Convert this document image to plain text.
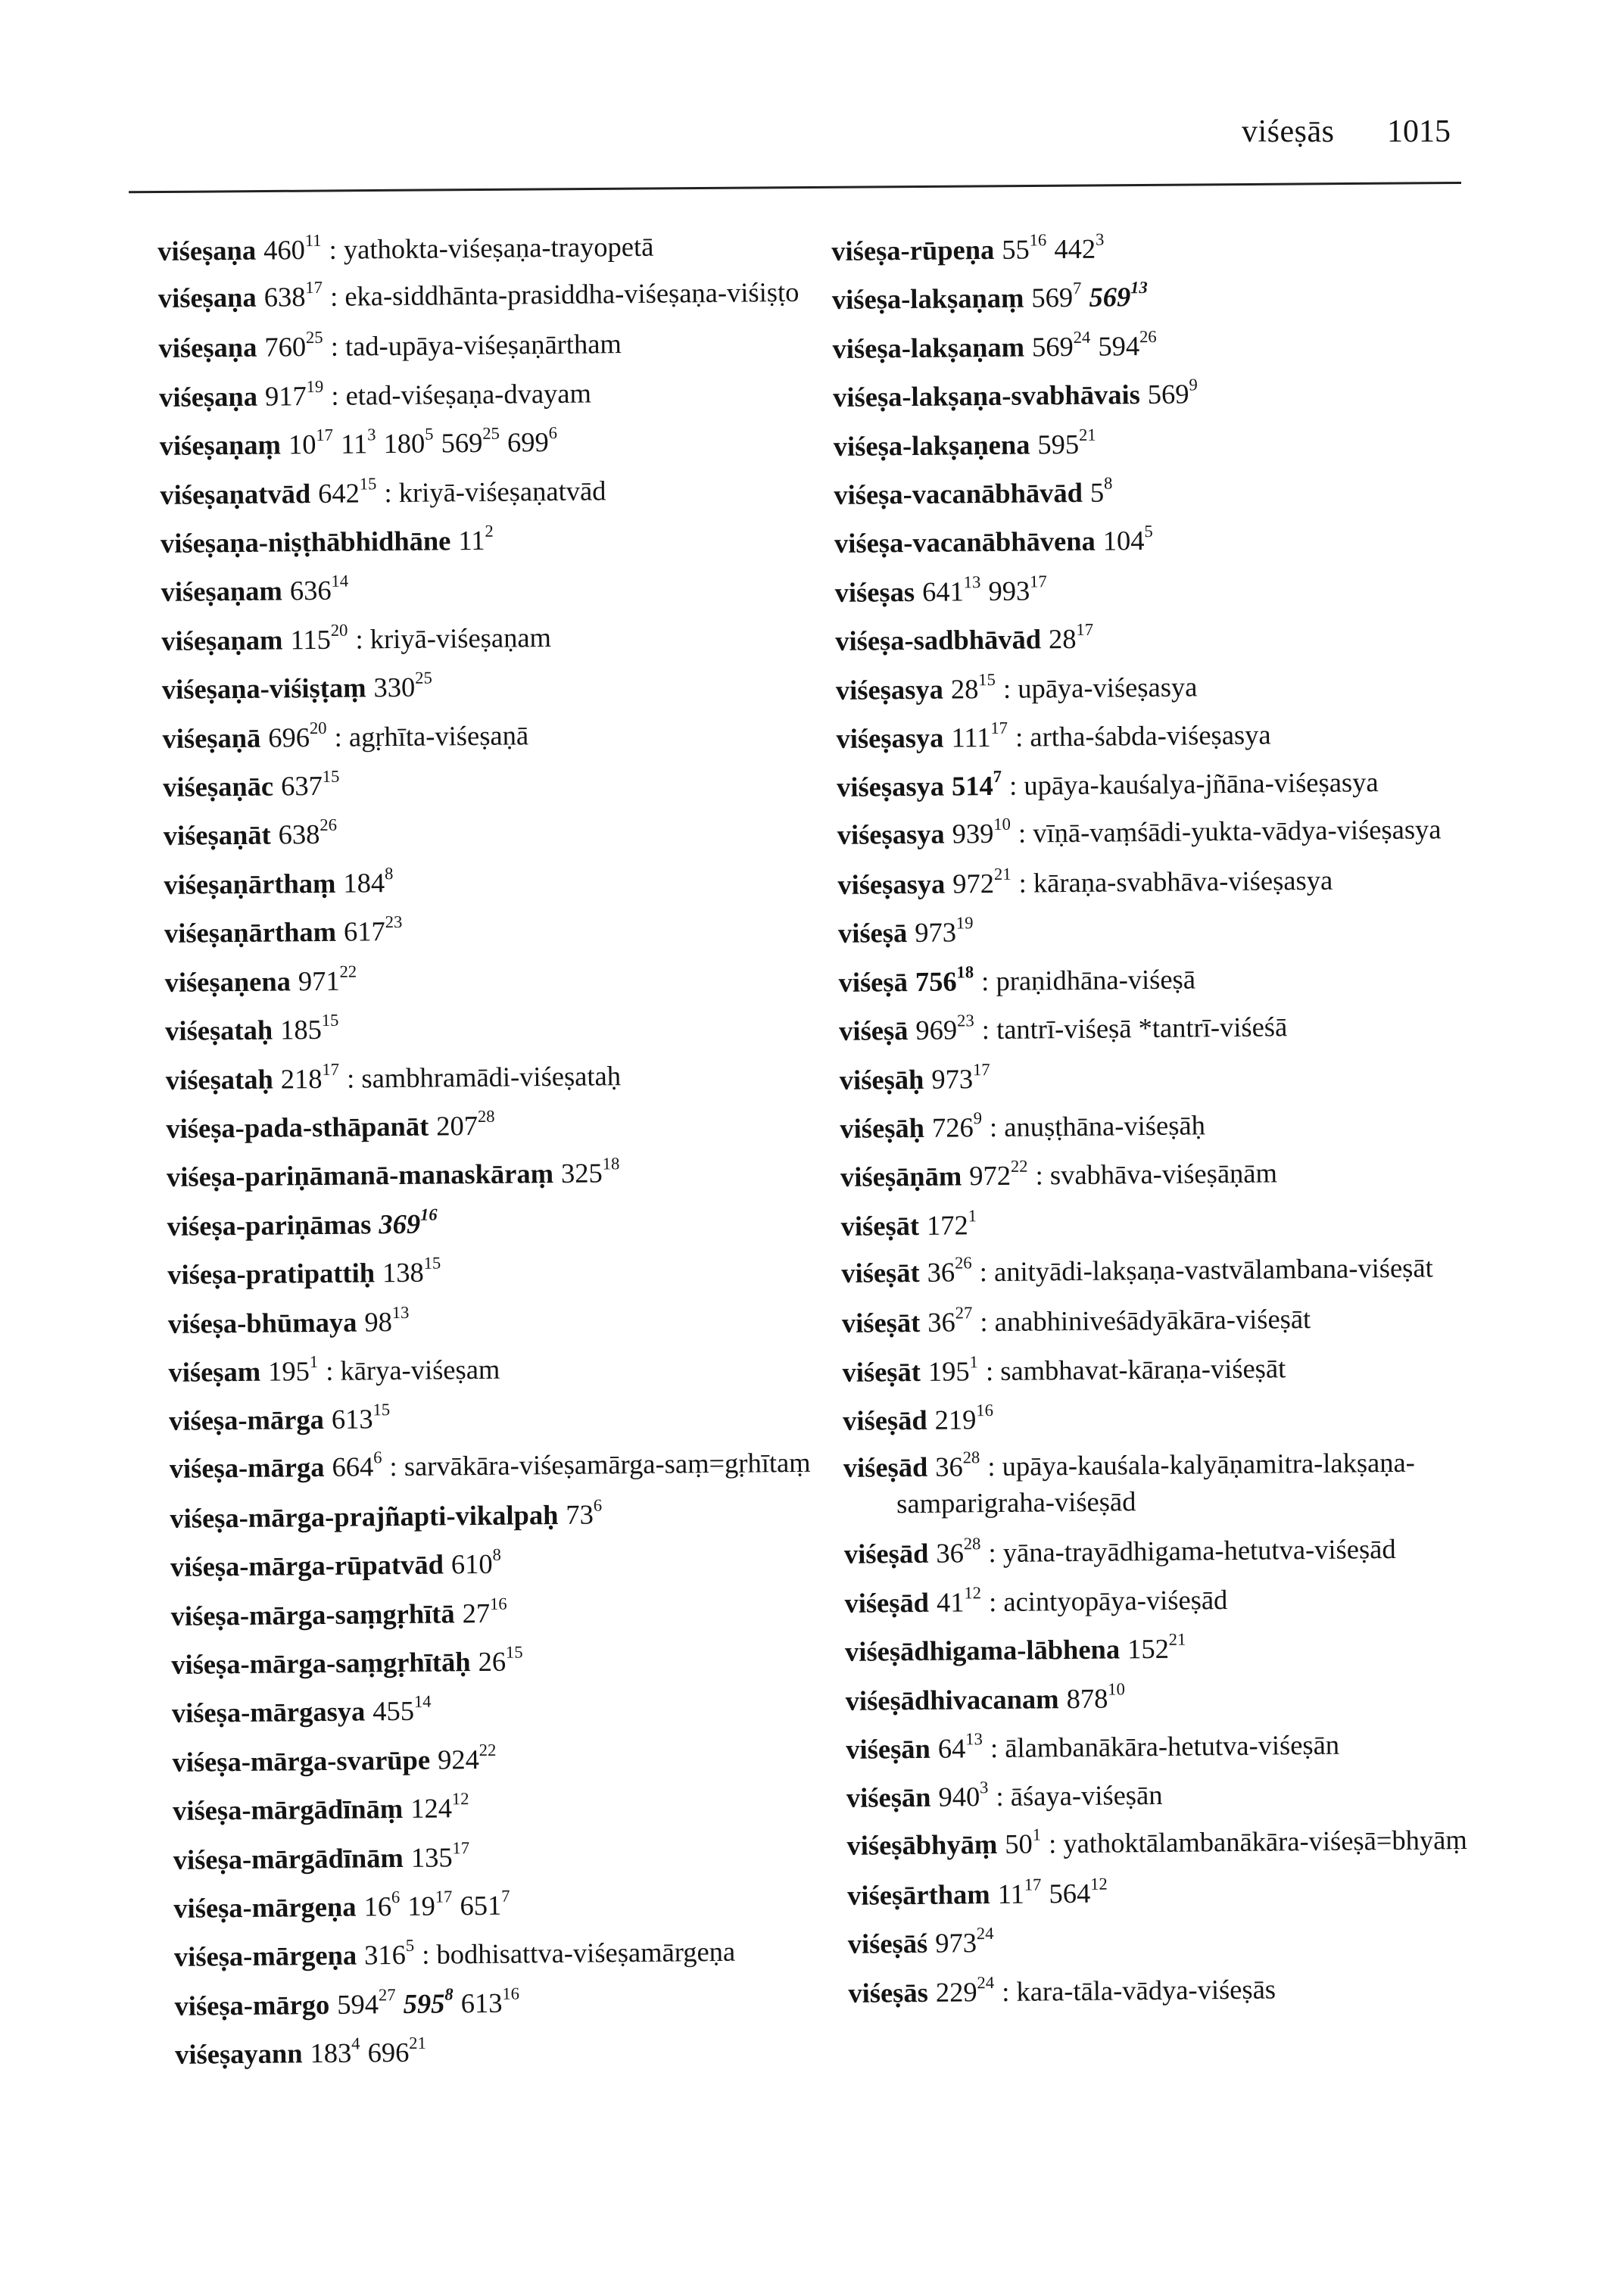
viśeṣās 1015
viśeṣaṇa $460^{11}$ : yathokta-viśeṣaṇa-trayopetā
viśeṣaṇa $638^{17}$ : eka-siddhānta-prasiddha-viśeṣaṇa-viśiṣṭo
viśeṣaṇa $760^{25}$ : tad-upāya-viśeṣaṇārtham
viśeṣaṇa $917^{19}$ : etad-viśeṣaṇa-dvayam
viśeṣaṇaṃ $10^{17}$ $11^3$ $180^5$ $569^{25}$ $699^6$
viśeṣaṇatvād $642^{15}$ : kriyā-viśeṣaṇatvād
viśeṣaṇa-niṣṭhābhidhāne $11^2$
viśeṣaṇam $636^{14}$
viśeṣaṇam $115^{20}$ : kriyā-viśeṣaṇam
viśeṣaṇa-viśiṣṭaṃ $330^{25}$
viśeṣaṇā $696^{20}$ : agṛhīta-viśeṣaṇā
viśeṣaṇāc $637^{15}$
viśeṣaṇāt $638^{26}$
viśeṣaṇārthaṃ $184^8$
viśeṣaṇārtham $617^{23}$
viśeṣaṇena $971^{22}$
viśeṣataḥ $185^{15}$
viśeṣataḥ $218^{17}$ : sambhramādi-viśeṣataḥ
viśeṣa-pada-sthāpanāt $207^{28}$
viśeṣa-pariṇāmanā-manaskāraṃ $325^{18}$
viśeṣa-pariṇāmas $369^{16}$
viśeṣa-pratipattiḥ $138^{15}$
viśeṣa-bhūmaya $98^{13}$
viśeṣam $195^1$ : kārya-viśeṣam
viśeṣa-mārga $613^{15}$
viśeṣa-mārga $664^6$ : sarvākāra-viśeṣamārga-saṃ=gṛhītaṃ
viśeṣa-mārga-prajñapti-vikalpaḥ $73^6$
viśeṣa-mārga-rūpatvād $610^8$
viśeṣa-mārga-saṃgṛhītā $27^{16}$
viśeṣa-mārga-saṃgṛhītāḥ $26^{15}$
viśeṣa-mārgasya $455^{14}$
viśeṣa-mārga-svarūpe $924^{22}$
viśeṣa-mārgādīnāṃ $124^{12}$
viśeṣa-mārgādīnām $135^{17}$
viśeṣa-mārgeṇa $16^6$ $19^{17}$ $651^7$
viśeṣa-mārgeṇa $316^5$ : bodhisattva-viśeṣamārgeṇa
viśeṣa-mārgo $594^{27}$ $595^8$ $613^{16}$
viśeṣayann $183^4$ $696^{21}$
viśeṣa-rūpeṇa $55^{16}$ $442^3$
viśeṣa-lakṣaṇaṃ $569^7$ $569^{13}$
viśeṣa-lakṣaṇam $569^{24}$ $594^{26}$
viśeṣa-lakṣaṇa-svabhāvais $569^9$
viśeṣa-lakṣaṇena $595^{21}$
viśeṣa-vacanābhāvād $5^8$
viśeṣa-vacanābhāvena $104^5$
viśeṣas $641^{13}$ $993^{17}$
viśeṣa-sadbhāvād $28^{17}$
viśeṣasya $28^{15}$ : upāya-viśeṣasya
viśeṣasya $111^{17}$ : artha-śabda-viśeṣasya
viśeṣasya $514^7$ : upāya-kauśalya-jñāna-viśeṣasya
viśeṣasya $939^{10}$ : vīṇā-vaṃśādi-yukta-vādya-viśeṣasya
viśeṣasya $972^{21}$ : kāraṇa-svabhāva-viśeṣasya
viśeṣā $973^{19}$
viśeṣā $756^{18}$ : praṇidhāna-viśeṣā
viśeṣā $969^{23}$ : tantrī-viśeṣā *tantrī-viśeśā
viśeṣāḥ $973^{17}$
viśeṣāḥ $726^9$ : anuṣṭhāna-viśeṣāḥ
viśeṣāṇām $972^{22}$ : svabhāva-viśeṣāṇām
viśeṣāt $172^1$
viśeṣāt $36^{26}$ : anityādi-lakṣaṇa-vastvālambana-viśeṣāt
viśeṣāt $36^{27}$ : anabhiniveśādyākāra-viśeṣāt
viśeṣāt $195^1$ : sambhavat-kāraṇa-viśeṣāt
viśeṣād $219^{16}$
viśeṣād $36^{28}$ : upāya-kauśala-kalyāṇamitra-lakṣaṇa-samparigraha-viśeṣād
viśeṣād $36^{28}$ : yāna-trayādhigama-hetutva-viśeṣād
viśeṣād $41^{12}$ : acintyopāya-viśeṣād
viśeṣādhigama-lābhena $152^{21}$
viśeṣādhivacanam $878^{10}$
viśeṣān $64^{13}$ : ālambanākāra-hetutva-viśeṣān
viśeṣān $940^3$ : āśaya-viśeṣān
viśeṣābhyāṃ $50^1$ : yathoktālambanākāra-viśeṣā=bhyāṃ
viśeṣārtham $11^{17}$ $564^{12}$
viśeṣāś $973^{24}$
viśeṣās $229^{24}$ : kara-tāla-vādya-viśeṣās
